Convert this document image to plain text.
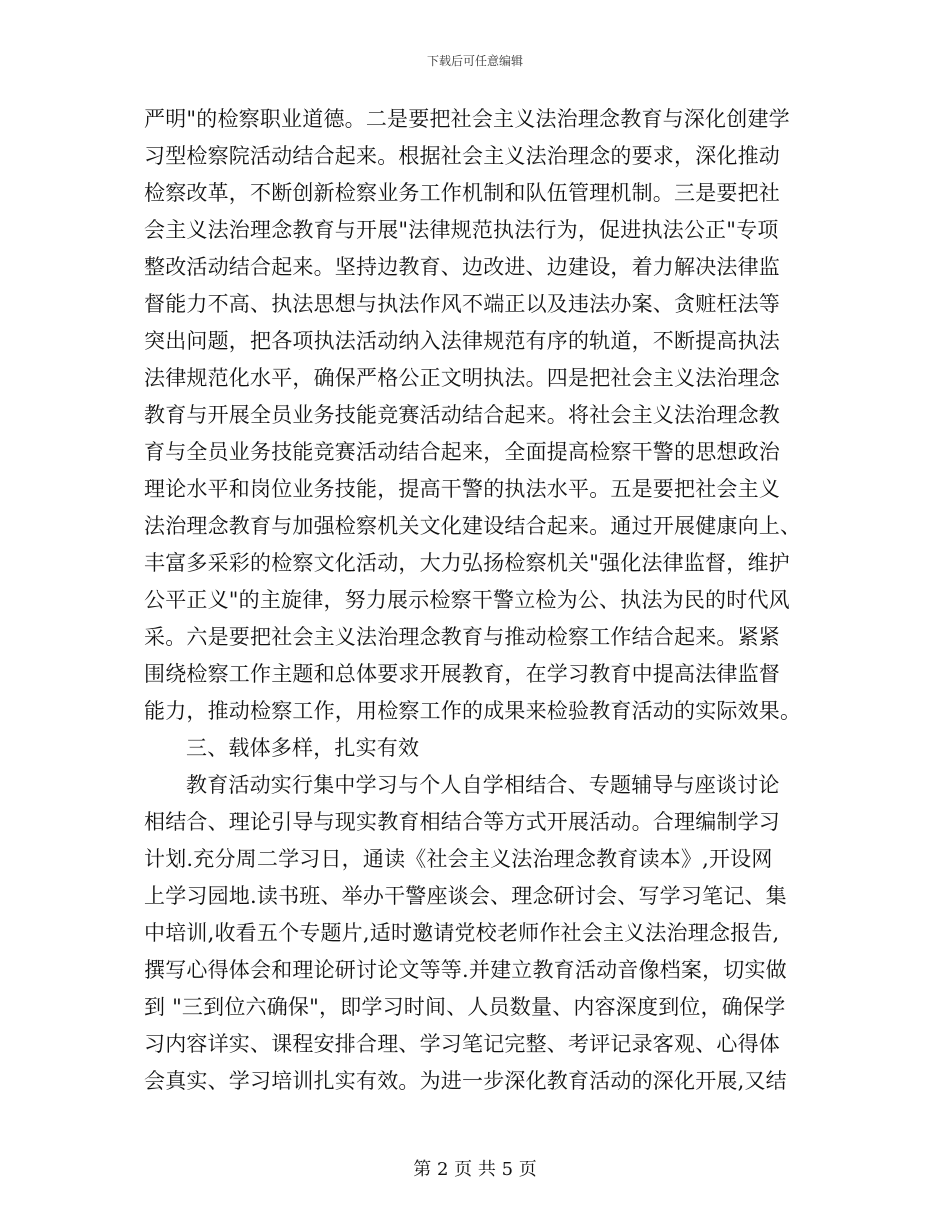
下载后可任意编辑
严明"的检察职业道德。二是要把社会主义法治理念教育与深化创建学
习型检察院活动结合起来。根据社会主义法治理念的要求，深化推动
检察改革，不断创新检察业务工作机制和队伍管理机制。三是要把社
会主义法治理念教育与开展"法律规范执法行为，促进执法公正"专项
整改活动结合起来。坚持边教育、边改进、边建设，着力解决法律监
督能力不高、执法思想与执法作风不端正以及违法办案、贪赃枉法等
突出问题，把各项执法活动纳入法律规范有序的轨道，不断提高执法
法律规范化水平，确保严格公正文明执法。四是把社会主义法治理念
教育与开展全员业务技能竞赛活动结合起来。将社会主义法治理念教
育与全员业务技能竞赛活动结合起来，全面提高检察干警的思想政治
理论水平和岗位业务技能，提高干警的执法水平。五是要把社会主义
法治理念教育与加强检察机关文化建设结合起来。通过开展健康向上、
丰富多采彩的检察文化活动，大力弘扬检察机关"强化法律监督，维护
公平正义"的主旋律，努力展示检察干警立检为公、执法为民的时代风
采。六是要把社会主义法治理念教育与推动检察工作结合起来。紧紧
围绕检察工作主题和总体要求开展教育，在学习教育中提高法律监督
能力，推动检察工作，用检察工作的成果来检验教育活动的实际效果。
三、载体多样，扎实有效
教育活动实行集中学习与个人自学相结合、专题辅导与座谈讨论
相结合、理论引导与现实教育相结合等方式开展活动。合理编制学习
计划.充分周二学习日，通读《社会主义法治理念教育读本》,开设网
上学习园地.读书班、举办干警座谈会、理念研讨会、写学习笔记、集
中培训,收看五个专题片,适时邀请党校老师作社会主义法治理念报告,
撰写心得体会和理论研讨论文等等.并建立教育活动音像档案，切实做
到 "三到位六确保"，即学习时间、人员数量、内容深度到位，确保学
习内容详实、课程安排合理、学习笔记完整、考评记录客观、心得体
会真实、学习培训扎实有效。为进一步深化教育活动的深化开展,又结
第 2 页 共 5 页
